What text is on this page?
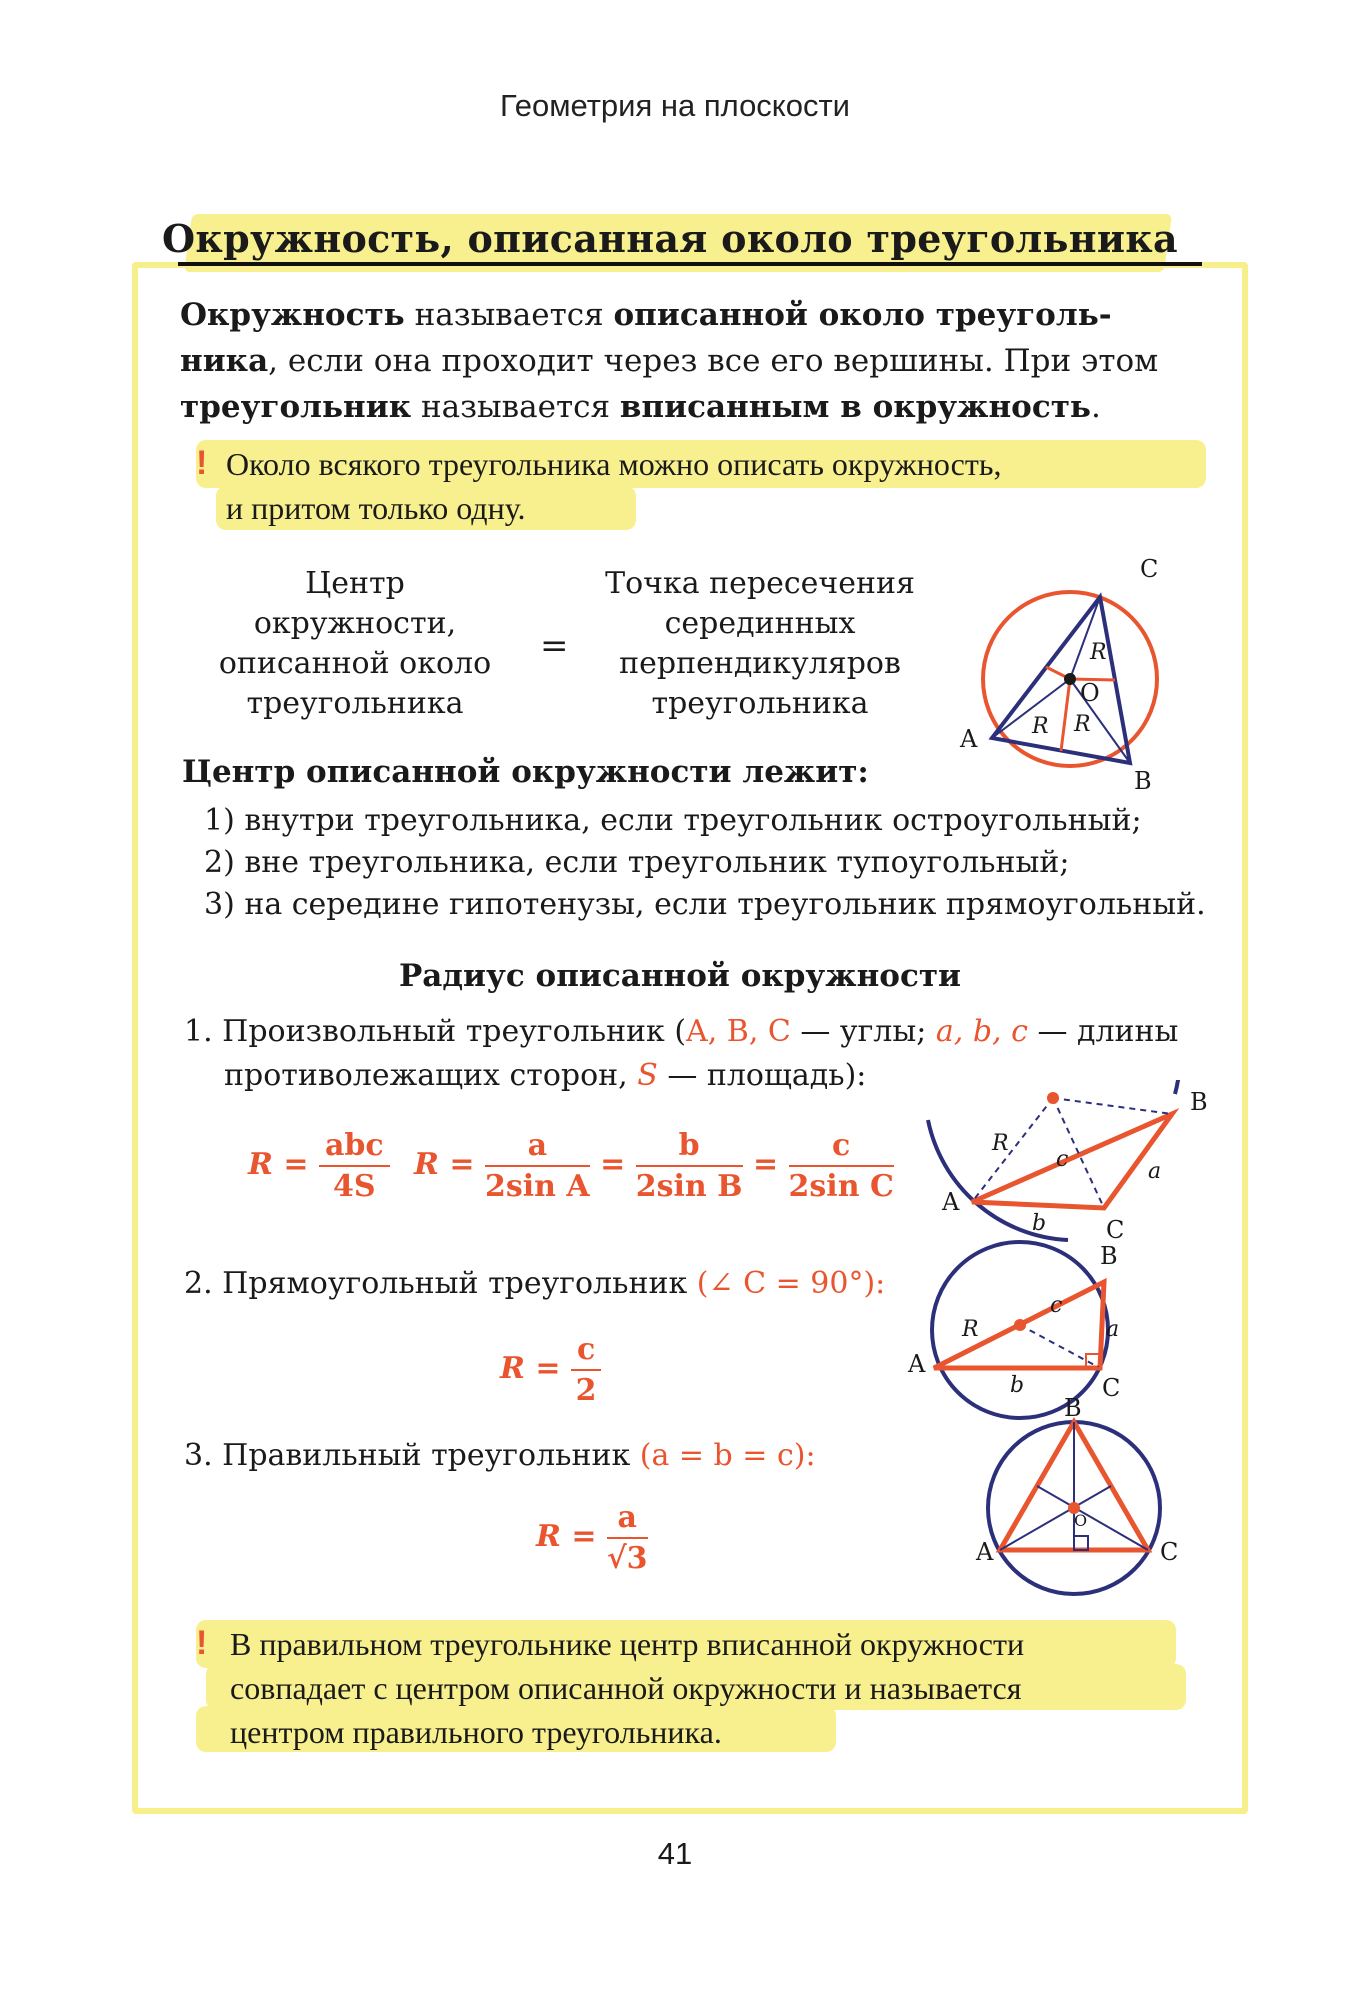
Геометрия на плоскости
Окружность, описанная около треугольника
Окружность называется описанной около треуголь-
ника, если она проходит через все его вершины. При этом
треугольник называется вписанным в окружность.
! Около всякого треугольника можно описать окружность,
и притом только одну.
Центр
окружности,
описанной около
треугольника
=
Точка пересечения
серединных
перпендикуляров
треугольника
C
A
B
O
R
R R
Центр описанной окружности лежит:
1) внутри треугольника, если треугольник остроугольный;
2) вне треугольника, если треугольник тупоугольный;
3) на середине гипотенузы, если треугольник прямоугольный.
Радиус описанной окружности
1. Произвольный треугольник (A, B, C — углы; a, b, c — длины
противолежащих сторон, S — площадь):
$R = \frac{\text{abc}}{4S}$ $R = \frac{a}{\text{2sin A}} = \frac{b}{\text{2sin B}} = \frac{c}{\text{2sin C}}$
B
A
C
R
c	a
b
2. Прямоугольный треугольник (∠ C = 90°):
$R = \frac{c}{2}$
B
A
C
R
c
a
b
3. Правильный треугольник (a = b = c):
$R = \frac{a}{√3}$	O
B
A	C
! В правильном треугольнике центр вписанной окружности
совпадает с центром описанной окружности и называется
центром правильного треугольника.
41
